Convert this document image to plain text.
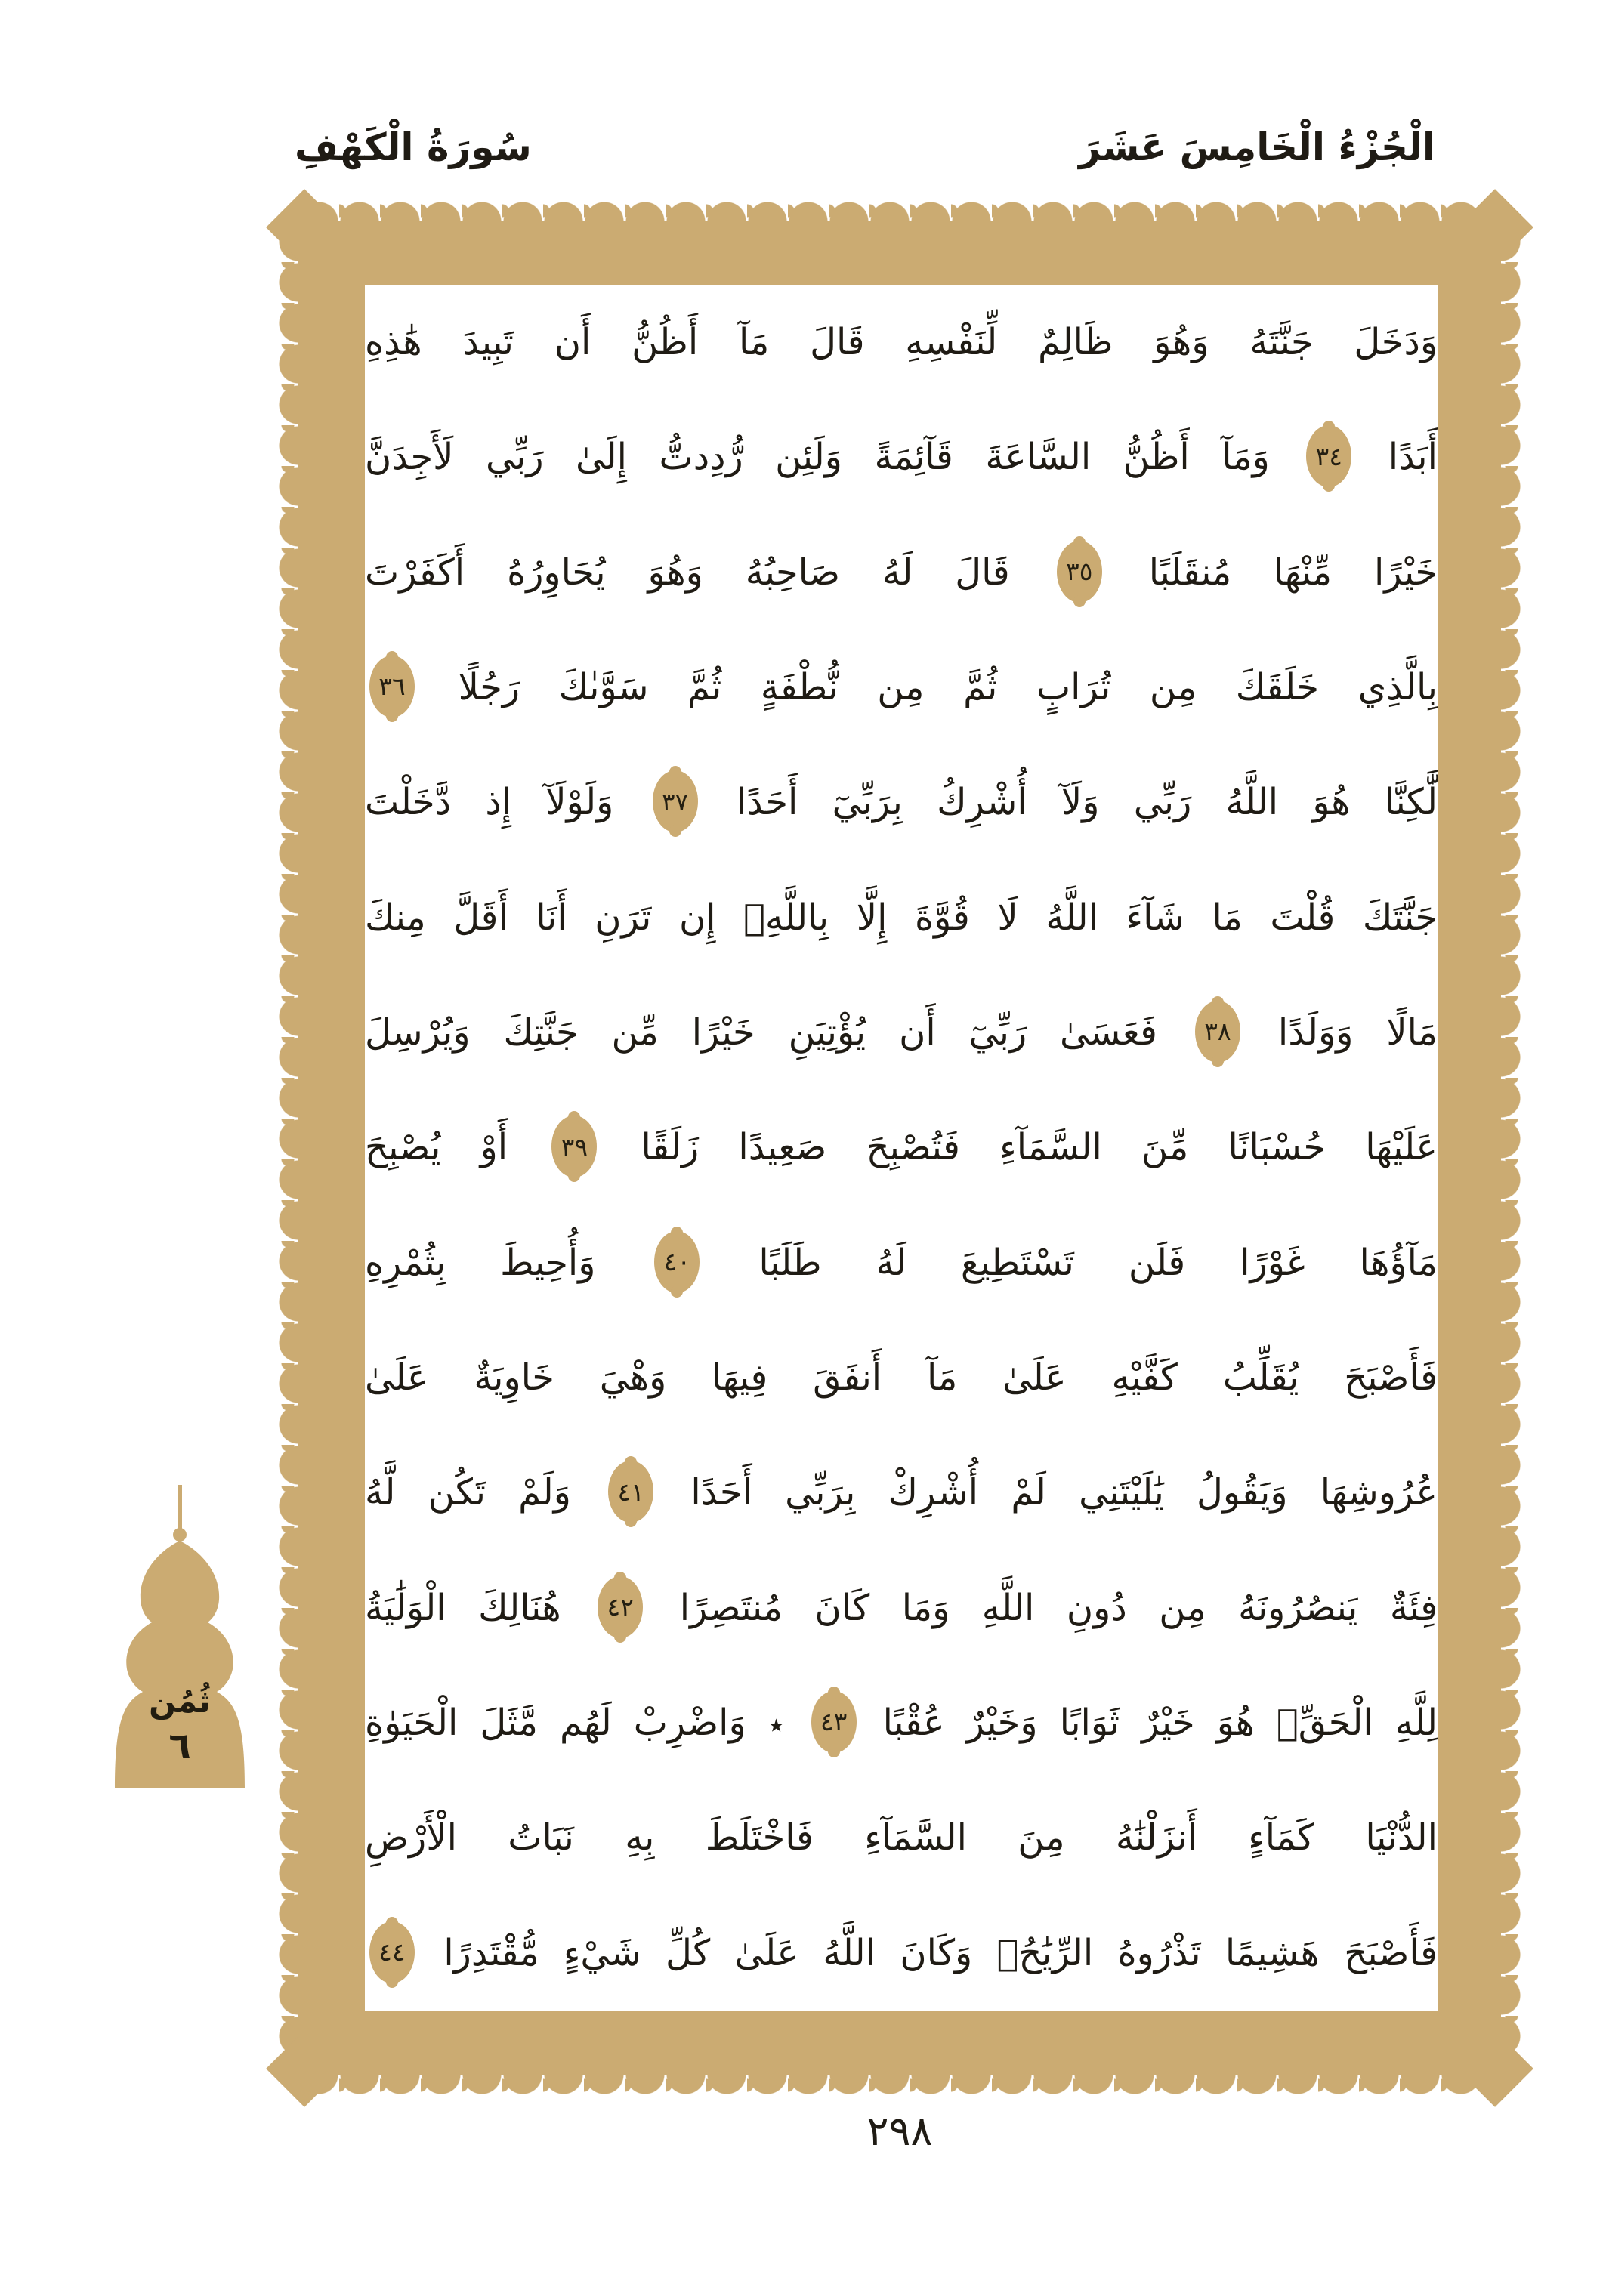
سُورَةُ الْكَهْفِ	الْجُزْءُ الْخَامِسَ عَشَرَ
وَدَخَلَ جَنَّتَهُ وَهُوَ ظَالِمٌ لِّنَفْسِهِ قَالَ مَآ أَظُنُّ أَن تَبِيدَ هَٰذِهِ
أَبَدًا
٣٤
وَمَآ أَظُنُّ السَّاعَةَ قَآئِمَةً وَلَئِن رُّدِدتُّ إِلَىٰ رَبِّي لَأَجِدَنَّ
خَيْرًا مِّنْهَا مُنقَلَبًا
٣٥
قَالَ لَهُ صَاحِبُهُ وَهُوَ يُحَاوِرُهُ أَكَفَرْتَ
بِالَّذِي خَلَقَكَ مِن تُرَابٍ ثُمَّ مِن نُّطْفَةٍ ثُمَّ سَوَّىٰكَ رَجُلًا
٣٦
لَّٰكِنَّا هُوَ اللَّهُ رَبِّي وَلَآ أُشْرِكُ بِرَبِّيٓ أَحَدًا
٣٧
وَلَوْلَآ إِذ دَّخَلْتَ
جَنَّتَكَ قُلْتَ مَا شَآءَ اللَّهُ لَا قُوَّةَ إِلَّا بِاللَّهِۚ إِن تَرَنِ أَنَا أَقَلَّ مِنكَ
مَالًا وَوَلَدًا
٣٨
فَعَسَىٰ رَبِّيٓ أَن يُؤْتِيَنِ خَيْرًا مِّن جَنَّتِكَ وَيُرْسِلَ
عَلَيْهَا حُسْبَانًا مِّنَ السَّمَآءِ فَتُصْبِحَ صَعِيدًا زَلَقًا
٣٩
أَوْ يُصْبِحَ
مَآؤُهَا غَوْرًا فَلَن تَسْتَطِيعَ لَهُ طَلَبًا
٤٠
وَأُحِيطَ بِثُمْرِهِ
فَأَصْبَحَ يُقَلِّبُ كَفَّيْهِ عَلَىٰ مَآ أَنفَقَ فِيهَا وَهْيَ خَاوِيَةٌ عَلَىٰ
عُرُوشِهَا وَيَقُولُ يَٰلَيْتَنِي لَمْ أُشْرِكْ بِرَبِّي أَحَدًا
٤١
وَلَمْ تَكُن لَّهُ
فِئَةٌ يَنصُرُونَهُ مِن دُونِ اللَّهِ وَمَا كَانَ مُنتَصِرًا
٤٢
هُنَالِكَ الْوَلَٰيَةُ
لِلَّهِ الْحَقِّۚ هُوَ خَيْرٌ ثَوَابًا وَخَيْرٌ عُقْبًا
٤٣
٭ وَاضْرِبْ لَهُم مَّثَلَ الْحَيَوٰةِ
الدُّنْيَا كَمَآءٍ أَنزَلْنَٰهُ مِنَ السَّمَآءِ فَاخْتَلَطَ بِهِ نَبَاتُ الْأَرْضِ
فَأَصْبَحَ هَشِيمًا تَذْرُوهُ الرِّيَٰحُۗ وَكَانَ اللَّهُ عَلَىٰ كُلِّ شَيْءٍ مُّقْتَدِرًا
٤٤
ثُمُن
٦
٢٩٨
